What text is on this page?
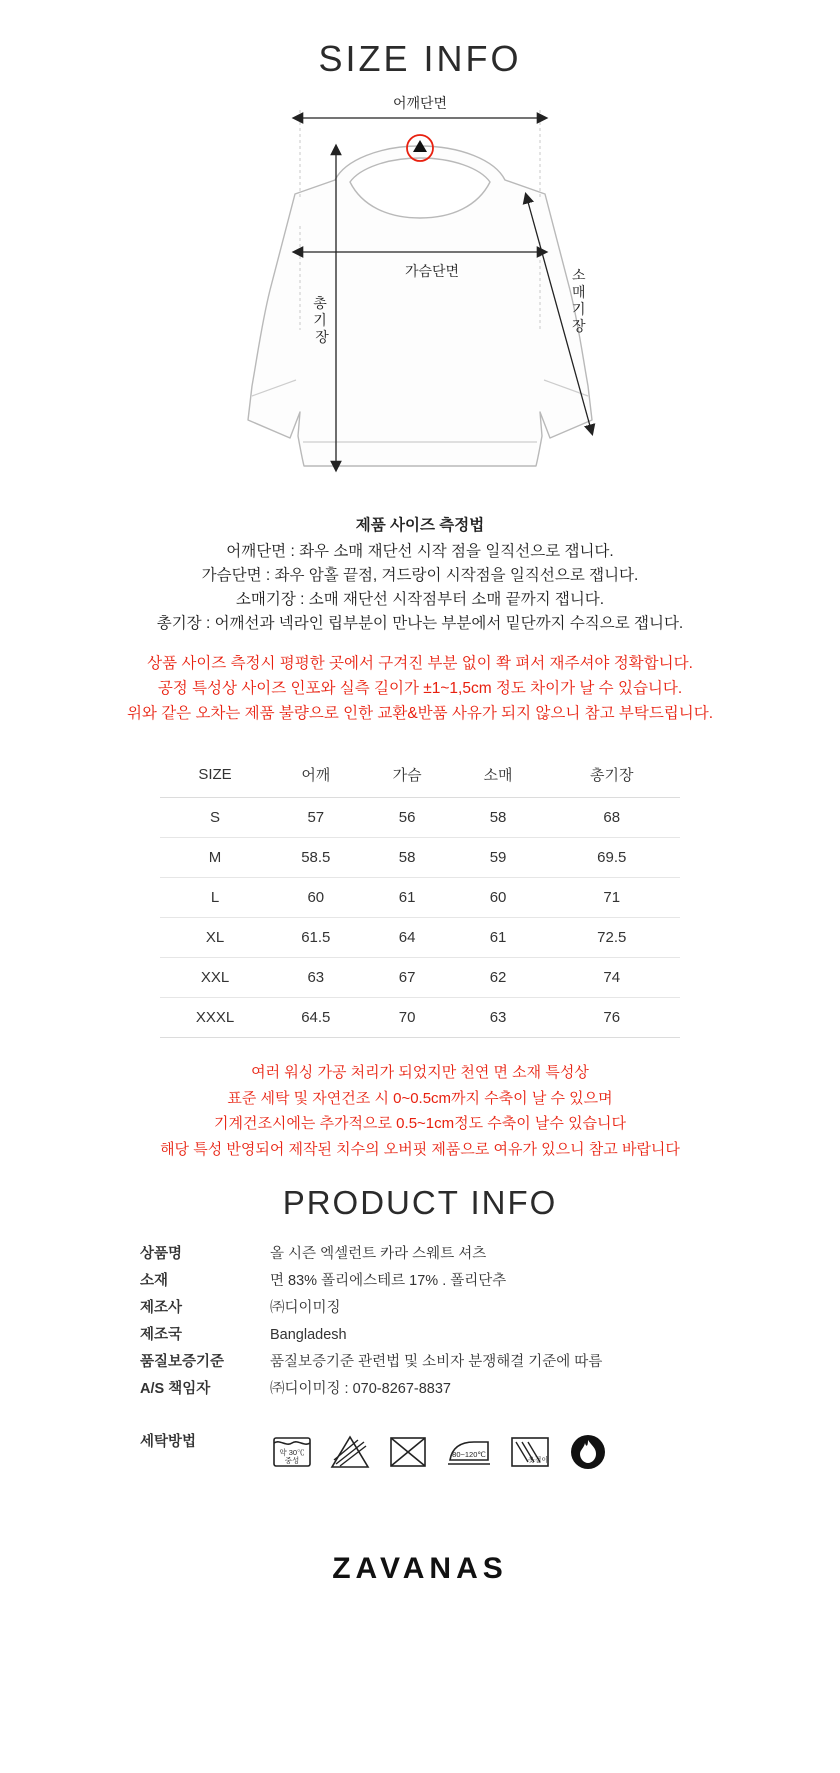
SIZE INFO
어깨단면
가슴단면
총 기 장
소 매 기 장
제품 사이즈 측정법
어깨단면 : 좌우 소매 재단선 시작 점을 일직선으로 잽니다.
가슴단면 : 좌우 암홀 끝점, 겨드랑이 시작점을 일직선으로 잽니다.
소매기장 : 소매 재단선 시작점부터 소매 끝까지 잽니다.
총기장 : 어깨선과 넥라인 립부분이 만나는 부분에서 밑단까지 수직으로 잽니다.
상품 사이즈 측정시 평평한 곳에서 구겨진 부분 없이 쫙 펴서 재주셔야 정확합니다.
공정 특성상 사이즈 인포와 실측 길이가 ±1~1,5cm 정도 차이가 날 수 있습니다.
위와 같은 오차는 제품 불량으로 인한 교환&반품 사유가 되지 않으니 참고 부탁드립니다.
SIZE	어깨	가슴	소매	총기장
S	57	56	58	68
M	58.5	58	59	69.5
L	60	61	60	71
XL	61.5	64	61	72.5
XXL	63	67	62	74
XXXL	64.5	70	63	76
여러 워싱 가공 처리가 되었지만 천연 면 소재 특성상
표준 세탁 및 자연건조 시 0~0.5cm까지 수축이 날 수 있으며
기계건조시에는 추가적으로 0.5~1cm정도 수축이 날수 있습니다
해당 특성 반영되어 제작된 치수의 오버핏 제품으로 여유가 있으니 참고 바랍니다
PRODUCT INFO
상품명	올 시즌 엑셀런트 카라 스웨트 셔츠
소재	면 83% 폴리에스테르 17% . 폴리단추
제조사	㈜디이미징
제조국	Bangladesh
품질보증기준	품질보증기준 관련법 및 소비자 분쟁해결 기준에 따름
A/S 책임자	㈜디이미징 : 070-8267-8837
세탁방법
약 30℃
중성
80~120℃
옷걸이
ZAVANAS
